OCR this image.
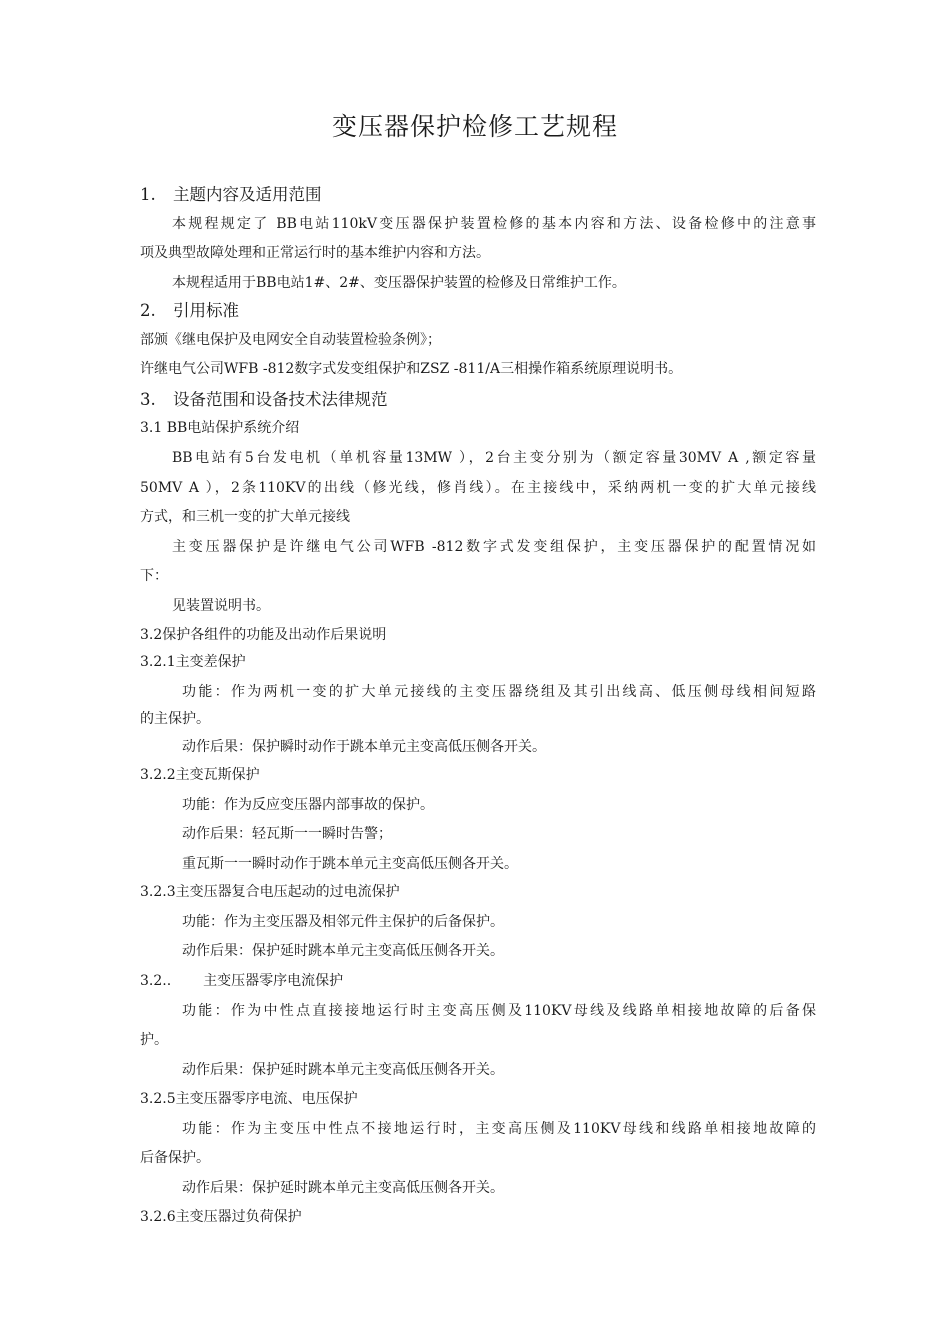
变压器保护检修工艺规程
1. 主题内容及适用范围
本规程规定了 BB电站110kV变压器保护装置检修的基本内容和方法、设备检修中的注意事
项及典型故障处理和正常运行时的基本维护内容和方法。
本规程适用于BB电站1#、2#、变压器保护装置的检修及日常维护工作。
2. 引用标准
部颁《继电保护及电网安全自动装置检验条例》；
许继电气公司WFB -812数字式发变组保护和ZSZ -811/A三相操作箱系统原理说明书。
3. 设备范围和设备技术法律规范
3.1 BB电站保护系统介绍
BB电站有5台发电机（单机容量13MW ），2台主变分别为（额定容量30MV A ,额定容量
50MV A ），2条110KV的出线（修光线，修肖线）。在主接线中，采纳两机一变的扩大单元接线
方式，和三机一变的扩大单元接线
主变压器保护是许继电气公司WFB -812数字式发变组保护，主变压器保护的配置情况如
下：
见装置说明书。
3.2保护各组件的功能及出动作后果说明
3.2.1主变差保护
功能：作为两机一变的扩大单元接线的主变压器绕组及其引出线高、低压侧母线相间短路
的主保护。
动作后果：保护瞬时动作于跳本单元主变高低压侧各开关。
3.2.2主变瓦斯保护
功能：作为反应变压器内部事故的保护。
动作后果：轻瓦斯一一瞬时告警；
重瓦斯一一瞬时动作于跳本单元主变高低压侧各开关。
3.2.3主变压器复合电压起动的过电流保护
功能：作为主变压器及相邻元件主保护的后备保护。
动作后果：保护延时跳本单元主变高低压侧各开关。
3.2.. 主变压器零序电流保护
功能：作为中性点直接接地运行时主变高压侧及110KV母线及线路单相接地故障的后备保
护。
动作后果：保护延时跳本单元主变高低压侧各开关。
3.2.5主变压器零序电流、电压保护
功能：作为主变压中性点不接地运行时，主变高压侧及110KV母线和线路单相接地故障的
后备保护。
动作后果：保护延时跳本单元主变高低压侧各开关。
3.2.6主变压器过负荷保护
